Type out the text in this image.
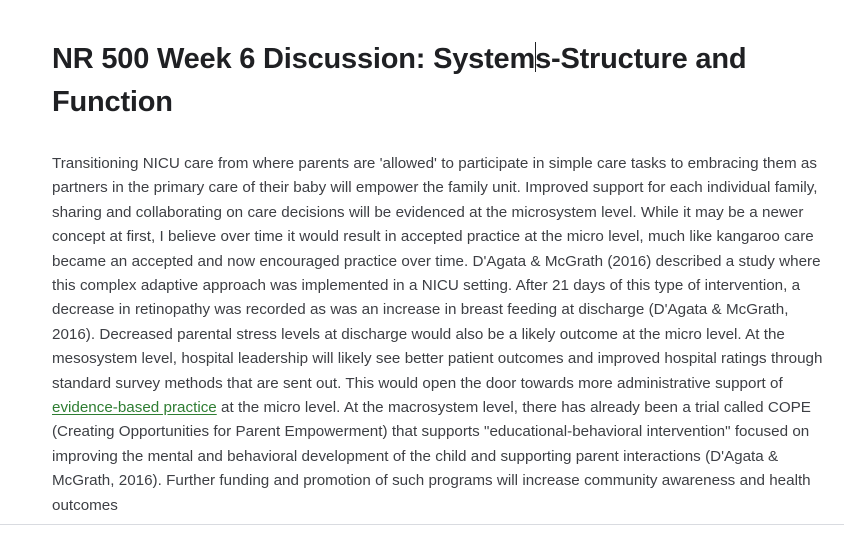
NR 500 Week 6 Discussion: Systems-Structure and Function

Transitioning NICU care from where parents are 'allowed' to participate in simple care tasks to embracing them as partners in the primary care of their baby will empower the family unit. Improved support for each individual family, sharing and collaborating on care decisions will be evidenced at the microsystem level. While it may be a newer concept at first, I believe over time it would result in accepted practice at the micro level, much like kangaroo care became an accepted and now encouraged practice over time. D'Agata & McGrath (2016) described a study where this complex adaptive approach was implemented in a NICU setting. After 21 days of this type of intervention, a decrease in retinopathy was recorded as was an increase in breast feeding at discharge (D'Agata & McGrath, 2016). Decreased parental stress levels at discharge would also be a likely outcome at the micro level. At the mesosystem level, hospital leadership will likely see better patient outcomes and improved hospital ratings through standard survey methods that are sent out. This would open the door towards more administrative support of evidence-based practice at the micro level. At the macrosystem level, there has already been a trial called COPE (Creating Opportunities for Parent Empowerment) that supports "educational-behavioral intervention" focused on improving the mental and behavioral development of the child and supporting parent interactions (D'Agata & McGrath, 2016). Further funding and promotion of such programs will increase community awareness and health outcomes
